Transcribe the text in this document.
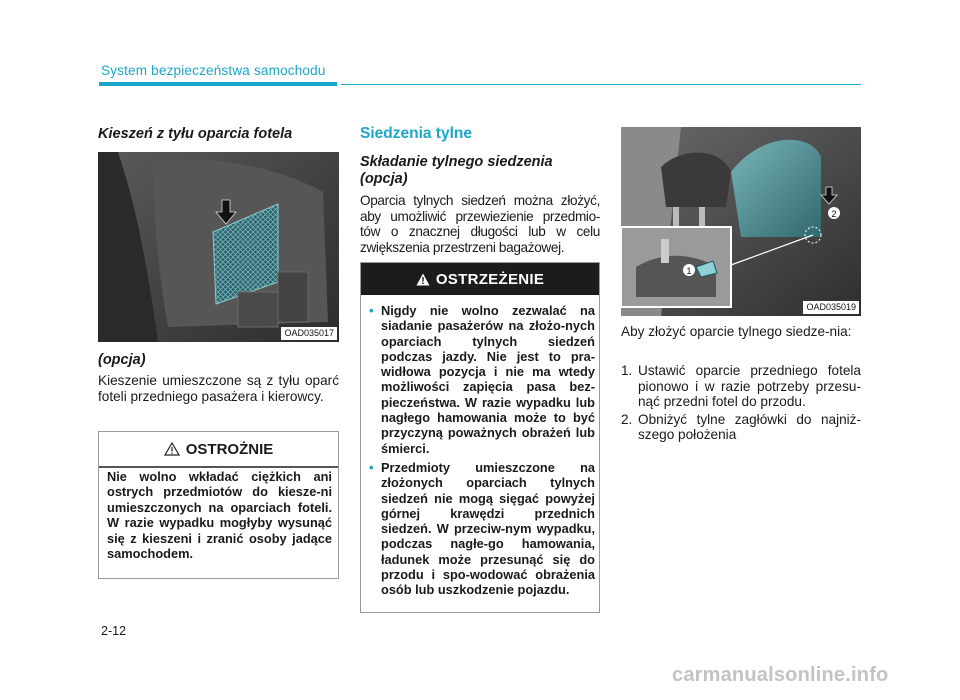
System bezpieczeństwa samochodu
Kieszeń z tyłu oparcia fotela
OAD035017
(opcja)
Kieszenie umieszczone są z tyłu oparć foteli przedniego pasażera i kierowcy.
OSTROŻNIE
Nie wolno wkładać ciężkich ani ostrych przedmiotów do kiesze-ni umieszczonych na oparciach foteli. W razie wypadku mogłyby wysunąć się z kieszeni i zranić osoby jadące samochodem.
Siedzenia tylne
Składanie tylnego siedzenia
(opcja)
Oparcia tylnych siedzeń można złożyć, aby umożliwić przewiezienie przedmio-tów o znacznej długości lub w celu zwiększenia przestrzeni bagażowej.
OSTRZEŻENIE
• Nigdy nie wolno zezwalać na siadanie pasażerów na złożo-nych oparciach tylnych siedzeń podczas jazdy. Nie jest to pra-widłowa pozycja i nie ma wtedy możliwości zapięcia pasa bez-pieczeństwa. W razie wypadku lub nagłego hamowania może to być przyczyną poważnych obrażeń lub śmierci.
• Przedmioty umieszczone na złożonych oparciach tylnych siedzeń nie mogą sięgać powyżej górnej krawędzi przednich siedzeń. W przeciw-nym wypadku, podczas nagłe-go hamowania, ładunek może przesunąć się do przodu i spo-wodować obrażenia osób lub uszkodzenie pojazdu.
2
1
OAD035019
Aby złożyć oparcie tylnego siedze-nia:
1. Ustawić oparcie przedniego fotela pionowo i w razie potrzeby przesu-nąć przedni fotel do przodu.
2. Obniżyć tylne zagłówki do najniż-szego położenia
2-12
carmanualsonline.info
